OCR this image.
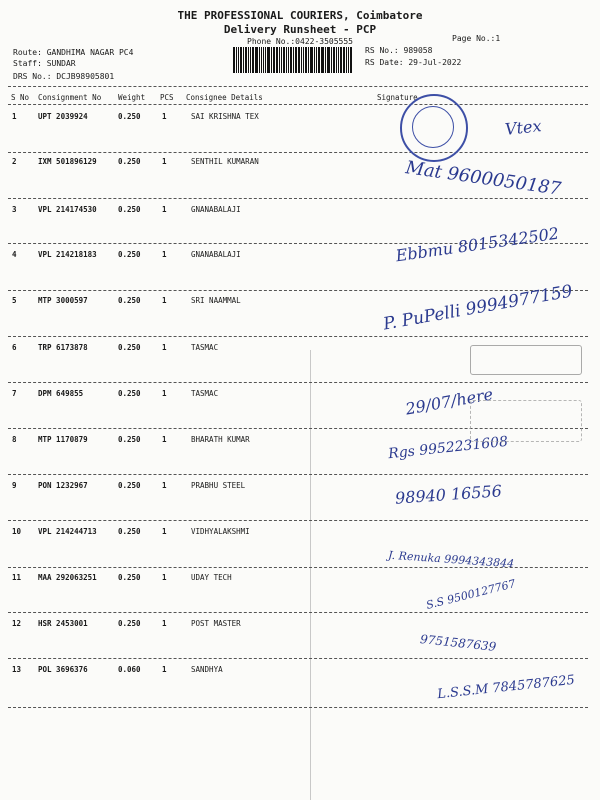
THE PROFESSIONAL COURIERS, Coimbatore
Delivery Runsheet - PCP
Phone No.:0422-3505555	Page No.:1
Route: GANDHIMA NAGAR PC4
Staff: SUNDAR
DRS No.: DCJB98905801
RS No.: 989058
RS Date: 29-Jul-2022
S No Consignment No Weight PCS Consignee Details	Signature
1	UPT 2039924	0.250	1	SAI KRISHNA TEX	Vtex
2	IXM 501896129	0.250	1	SENTHIL KUMARAN	Mat 9600050187
3	VPL 214174530	0.250	1	GNANABALAJI
4	VPL 214218183	0.250	1	GNANABALAJI	Ebbmu 8015342502
5	MTP 3000597	0.250	1	SRI NAAMMAL	P. PuPelli 9994977159
6	TRP 6173878	0.250	1	TASMAC
7	DPM 649855	0.250	1	TASMAC	29/07/here
8	MTP 1170879	0.250	1	BHARATH KUMAR	Rgs 9952231608
9	PON 1232967	0.250	1	PRABHU STEEL	98940 16556
10 VPL 214244713	0.250	1	VIDHYALAKSHMI
J. Renuka 9994343844
11 MAA 292063251	0.250	1	UDAY TECH	S.S 9500127767
12 HSR 2453001	0.250	1	POST MASTER
9751587639
13 POL 3696376	0.060	1	SANDHYA
L.S.S.M 7845787625
